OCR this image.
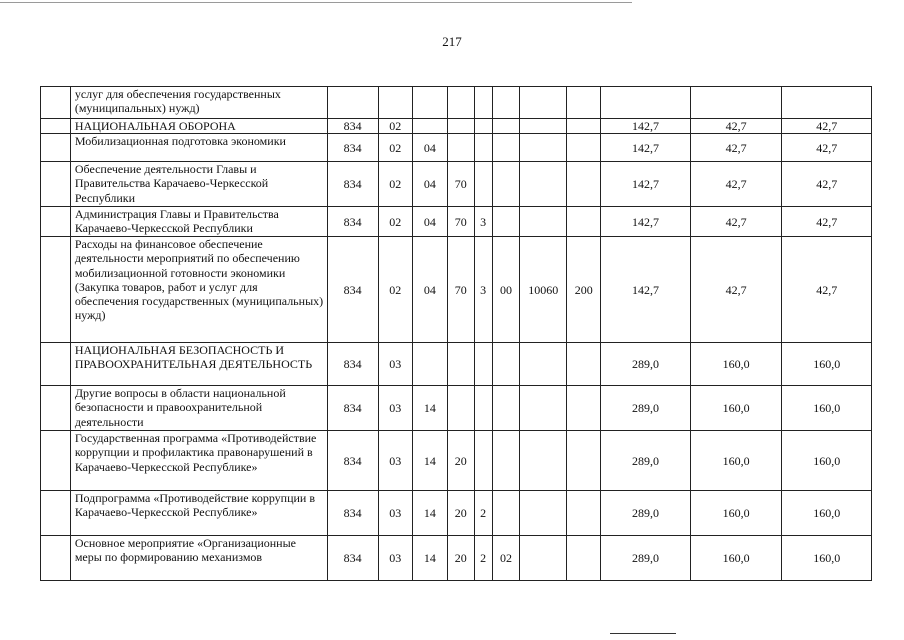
217
	услуг для обеспечения государственных (муниципальных) нужд)											
	НАЦИОНАЛЬНАЯ ОБОРОНА	834	02							142,7	42,7	42,7
	Мобилизационная подготовка экономики	834	02	04						142,7	42,7	42,7
	Обеспечение деятельности Главы и Правительства Карачаево-Черкесской Республики	834	02	04	70					142,7	42,7	42,7
	Администрация Главы и Правительства Карачаево-Черкесской Республики	834	02	04	70	3				142,7	42,7	42,7
	Расходы на финансовое обеспечение деятельности мероприятий по обеспечению мобилизационной готовности экономики (Закупка товаров, работ и услуг для обеспечения государственных (муниципальных) нужд)	834	02	04	70	3	00	10060	200	142,7	42,7	42,7
	НАЦИОНАЛЬНАЯ БЕЗОПАСНОСТЬ И ПРАВООХРАНИТЕЛЬНАЯ ДЕЯТЕЛЬНОСТЬ	834	03							289,0	160,0	160,0
	Другие вопросы в области национальной безопасности и правоохранительной деятельности	834	03	14						289,0	160,0	160,0
	Государственная программа «Противодействие коррупции и профилактика правонарушений в Карачаево-Черкесской Республике»	834	03	14	20					289,0	160,0	160,0
	Подпрограмма «Противодействие коррупции в Карачаево-Черкесской Республике»	834	03	14	20	2				289,0	160,0	160,0
	Основное мероприятие «Организационные меры по формированию механизмов	834	03	14	20	2	02			289,0	160,0	160,0
